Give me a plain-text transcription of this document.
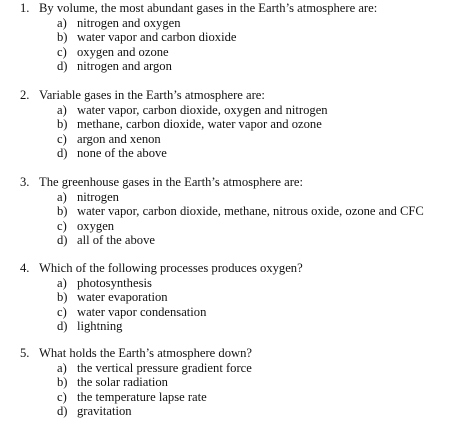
1. By volume, the most abundant gases in the Earth’s atmosphere are:
a) nitrogen and oxygen
b) water vapor and carbon dioxide
c) oxygen and ozone
d) nitrogen and argon
2. Variable gases in the Earth’s atmosphere are:
a) water vapor, carbon dioxide, oxygen and nitrogen
b) methane, carbon dioxide, water vapor and ozone
c) argon and xenon
d) none of the above
3. The greenhouse gases in the Earth’s atmosphere are:
a) nitrogen
b) water vapor, carbon dioxide, methane, nitrous oxide, ozone and CFC
c) oxygen
d) all of the above
4. Which of the following processes produces oxygen?
a) photosynthesis
b) water evaporation
c) water vapor condensation
d) lightning
5. What holds the Earth’s atmosphere down?
a) the vertical pressure gradient force
b) the solar radiation
c) the temperature lapse rate
d) gravitation
